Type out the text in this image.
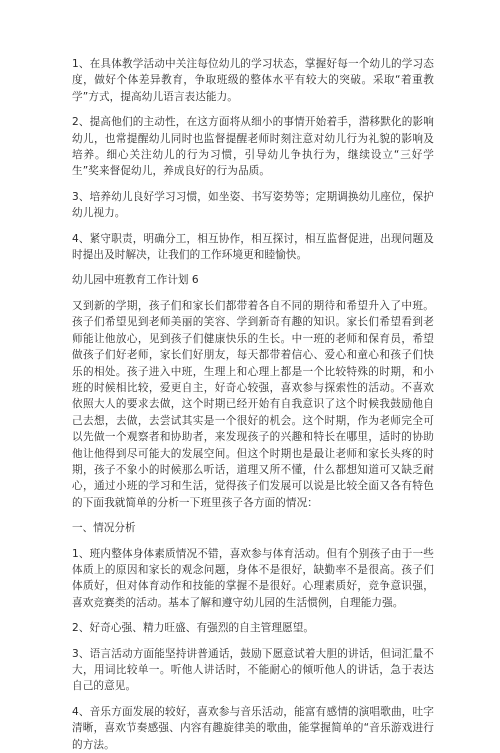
1、在具体教学活动中关注每位幼儿的学习状态，掌握好每一个幼儿的学习态度，做好个体差异教育，争取班级的整体水平有较大的突破。采取“着重教学”方式，提高幼儿语言表达能力。

2、提高他们的主动性，在这方面将从细小的事情开始着手，潜移默化的影响幼儿，也常提醒幼儿同时也监督提醒老师时刻注意对幼儿行为礼貌的影响及培养。细心关注幼儿的行为习惯，引导幼儿争执行为，继续设立“三好学生”奖来督促幼儿，养成良好的行为品质。

3、培养幼儿良好学习习惯，如坐姿、书写姿势等；定期调换幼儿座位，保护幼儿视力。

4、紧守职责，明确分工，相互协作，相互探讨，相互监督促进，出现问题及时提出及时解决，让我们的工作环境更和睦愉快。

幼儿园中班教育工作计划 6

又到新的学期，孩子们和家长们都带着各自不同的期待和希望升入了中班。孩子们希望见到老师美丽的笑容、学到新奇有趣的知识。家长们希望看到老师能让他放心，见到孩子们健康快乐的生长。中一班的老师和保育员，希望做孩子们好老师，家长们好朋友，每天都带着信心、爱心和童心和孩子们快乐的相处。孩子进入中班，生理上和心理上都是一个比较特殊的时期，和小班的时候相比较，爱更自主，好奇心较强，喜欢参与探索性的活动。不喜欢依照大人的要求去做，这个时期已经开始有自我意识了这个时候我鼓励他自己去想，去做，去尝试其实是一个很好的机会。这个时期，作为老师完全可以先做一个观察者和协助者，来发现孩子的兴趣和特长在哪里，适时的协助他让他得到尽可能大的发展空间。但这个时期也是最让老师和家长头疼的时期，孩子不象小的时候那么听话，道理又所不懂，什么都想知道可又缺乏耐心，通过小班的学习和生活，觉得孩子们发展可以说是比较全面又各有特色的下面我就简单的分析一下班里孩子各方面的情况：

一、情况分析

1、班内整体身体素质情况不错，喜欢参与体育活动。但有个别孩子由于一些体质上的原因和家长的观念问题，身体不是很好，缺勤率不是很高。孩子们体质好，但对体育动作和技能的掌握不是很好。心理素质好，竞争意识强，喜欢竞赛类的活动。基本了解和遵守幼儿园的生活惯例，自理能力强。

2、好奇心强、精力旺盛、有强烈的自主管理愿望。

3、语言活动方面能坚持讲普通话，鼓励下愿意试着大胆的讲话，但词汇量不大，用词比较单一。听他人讲话时，不能耐心的倾听他人的讲话，急于表达自己的意见。

4、音乐方面发展的较好，喜欢参与音乐活动，能富有感情的演唱歌曲，吐字清晰，喜欢节奏感强、内容有趣旋律美的歌曲，能掌握简单的“音乐游戏进行的方法。
